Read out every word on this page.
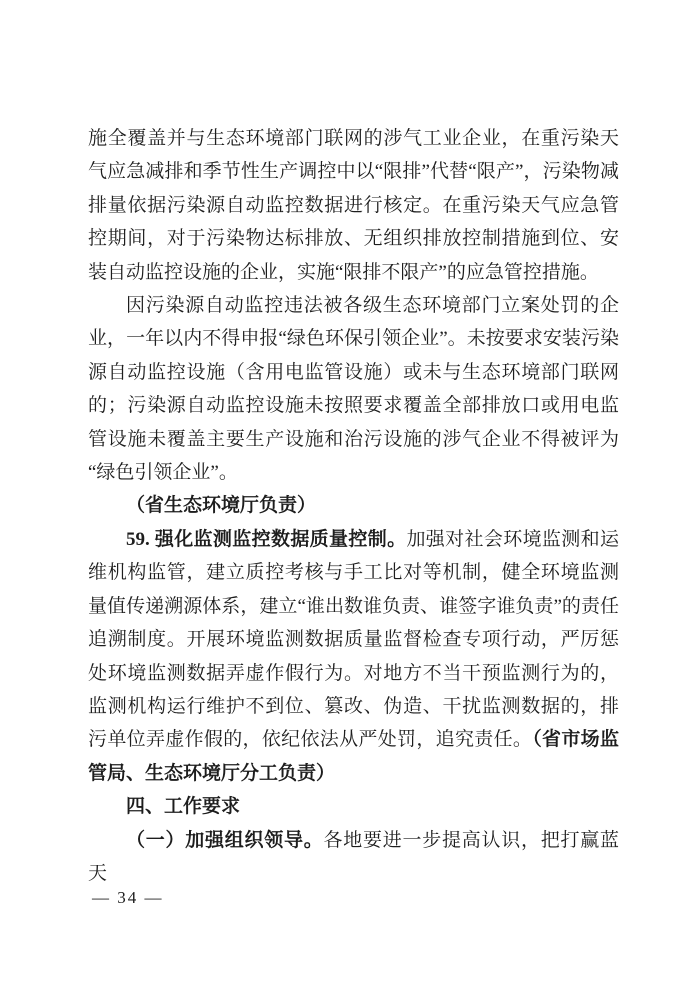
施全覆盖并与生态环境部门联网的涉气工业企业，在重污染天气应急减排和季节性生产调控中以“限排”代替“限产”，污染物减排量依据污染源自动监控数据进行核定。在重污染天气应急管控期间，对于污染物达标排放、无组织排放控制措施到位、安装自动监控设施的企业，实施“限排不限产”的应急管控措施。

因污染源自动监控违法被各级生态环境部门立案处罚的企业，一年以内不得申报“绿色环保引领企业”。未按要求安装污染源自动监控设施（含用电监管设施）或未与生态环境部门联网的；污染源自动监控设施未按照要求覆盖全部排放口或用电监管设施未覆盖主要生产设施和治污设施的涉气企业不得被评为“绿色引领企业”。

（省生态环境厅负责）

59. 强化监测监控数据质量控制。加强对社会环境监测和运维机构监管，建立质控考核与手工比对等机制，健全环境监测量值传递溯源体系，建立“谁出数谁负责、谁签字谁负责”的责任追溯制度。开展环境监测数据质量监督检查专项行动，严厉惩处环境监测数据弄虚作假行为。对地方不当干预监测行为的，监测机构运行维护不到位、篡改、伪造、干扰监测数据的，排污单位弄虚作假的，依纪依法从严处罚，追究责任。（省市场监管局、生态环境厅分工负责）

四、工作要求

（一）加强组织领导。各地要进一步提高认识，把打赢蓝天

— 34 —
